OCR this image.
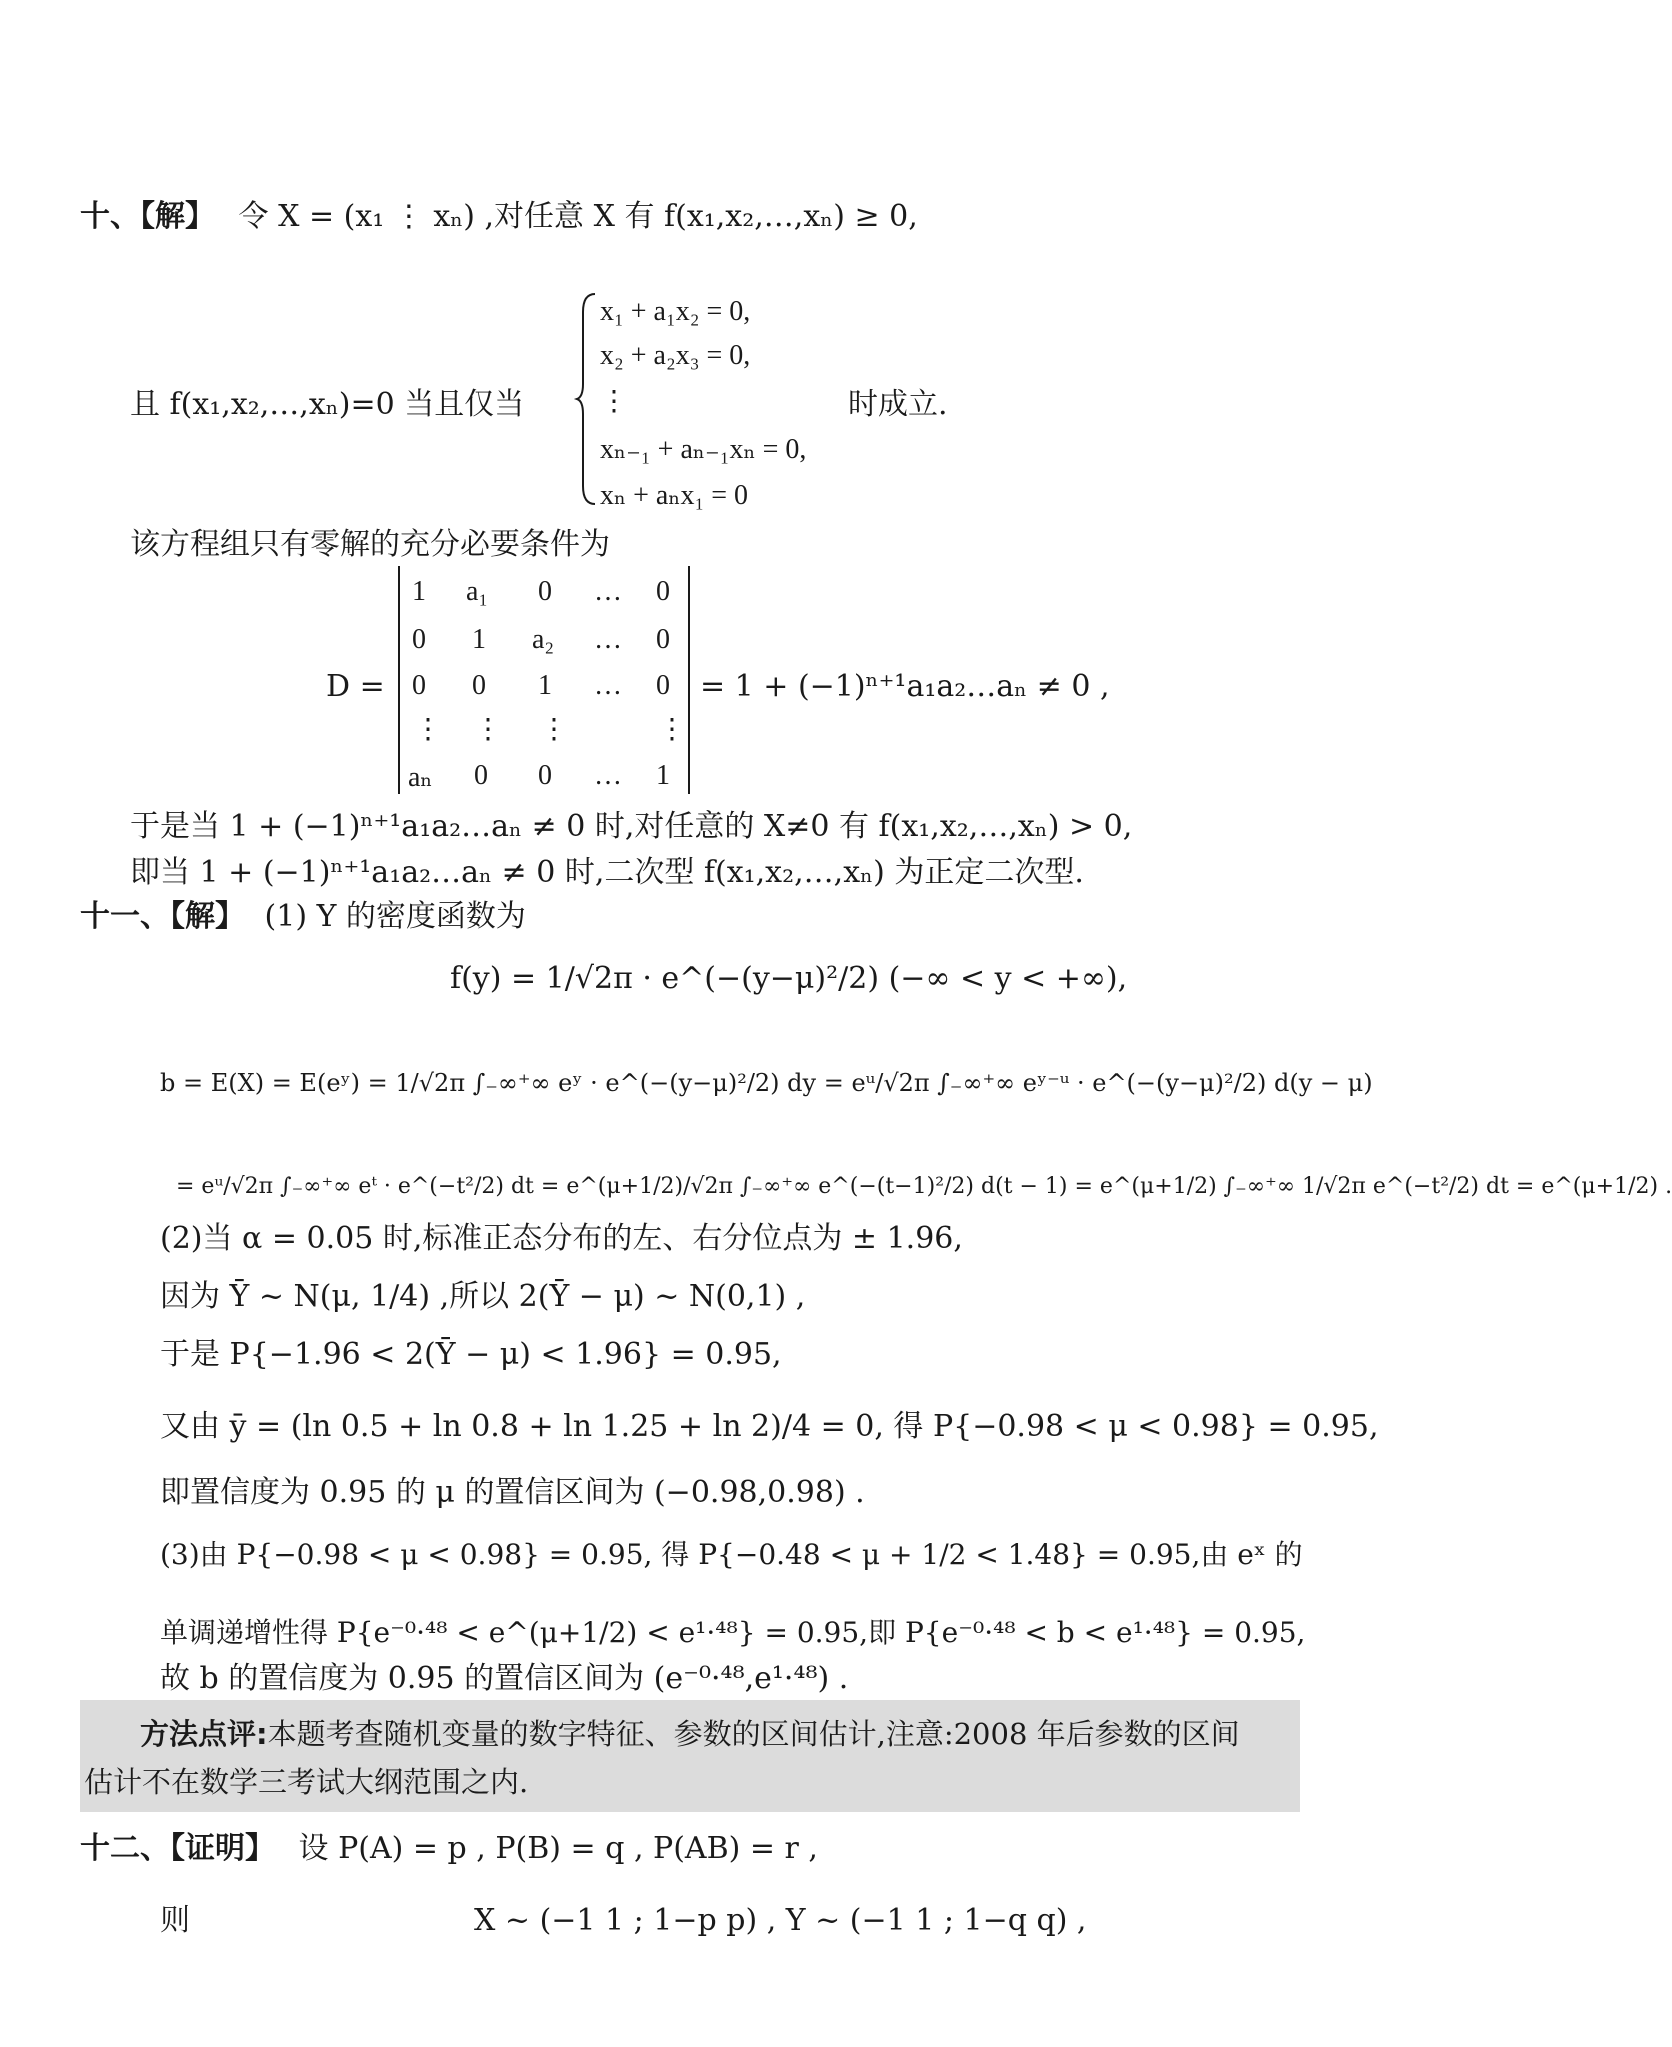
十、【解】 令 X = (x₁ ⋮ xₙ) ,对任意 X 有 f(x₁,x₂,…,xₙ) ≥ 0,
且 f(x₁,x₂,…,xₙ)=0 当且仅当
x₁ + a₁x₂ = 0,
x₂ + a₂x₃ = 0,
⋮
xₙ₋₁ + aₙ₋₁xₙ = 0,
xₙ + aₙx₁ = 0
时成立.
该方程组只有零解的充分必要条件为
D =
1 a₁ 0 … 0
0 1 a₂ … 0
0 0 1 … 0
⋮ ⋮ ⋮	⋮
aₙ 0 0 … 1
= 1 + (−1)ⁿ⁺¹a₁a₂…aₙ ≠ 0 ,
于是当 1 + (−1)ⁿ⁺¹a₁a₂…aₙ ≠ 0 时,对任意的 X≠0 有 f(x₁,x₂,…,xₙ) > 0,
即当 1 + (−1)ⁿ⁺¹a₁a₂…aₙ ≠ 0 时,二次型 f(x₁,x₂,…,xₙ) 为正定二次型.
十一、【解】 (1) Y 的密度函数为
f(y) = 1/√2π · e^(−(y−μ)²/2) (−∞ < y < +∞),
b = E(X) = E(eʸ) = 1/√2π ∫₋∞⁺∞ eʸ · e^(−(y−μ)²/2) dy = eᵘ/√2π ∫₋∞⁺∞ eʸ⁻ᵘ · e^(−(y−μ)²/2) d(y − μ)
= eᵘ/√2π ∫₋∞⁺∞ eᵗ · e^(−t²/2) dt = e^(μ+1/2)/√2π ∫₋∞⁺∞ e^(−(t−1)²/2) d(t − 1) = e^(μ+1/2) ∫₋∞⁺∞ 1/√2π e^(−t²/2) dt = e^(μ+1/2) .
(2)当 α = 0.05 时,标准正态分布的左、右分位点为 ± 1.96,
因为 Ȳ ~ N(μ, 1/4) ,所以 2(Ȳ − μ) ~ N(0,1) ,
于是 P{−1.96 < 2(Ȳ − μ) < 1.96} = 0.95,
又由 ȳ = (ln 0.5 + ln 0.8 + ln 1.25 + ln 2)/4 = 0, 得 P{−0.98 < μ < 0.98} = 0.95,
即置信度为 0.95 的 μ 的置信区间为 (−0.98,0.98) .
(3)由 P{−0.98 < μ < 0.98} = 0.95, 得 P{−0.48 < μ + 1/2 < 1.48} = 0.95,由 eˣ 的
单调递增性得 P{e⁻⁰·⁴⁸ < e^(μ+1/2) < e¹·⁴⁸} = 0.95,即 P{e⁻⁰·⁴⁸ < b < e¹·⁴⁸} = 0.95,
故 b 的置信度为 0.95 的置信区间为 (e⁻⁰·⁴⁸,e¹·⁴⁸) .
方法点评:本题考查随机变量的数字特征、参数的区间估计,注意:2008 年后参数的区间
估计不在数学三考试大纲范围之内.
十二、【证明】 设 P(A) = p , P(B) = q , P(AB) = r ,
则	X ~ (−1 1 ; 1−p p) , Y ~ (−1 1 ; 1−q q) ,
